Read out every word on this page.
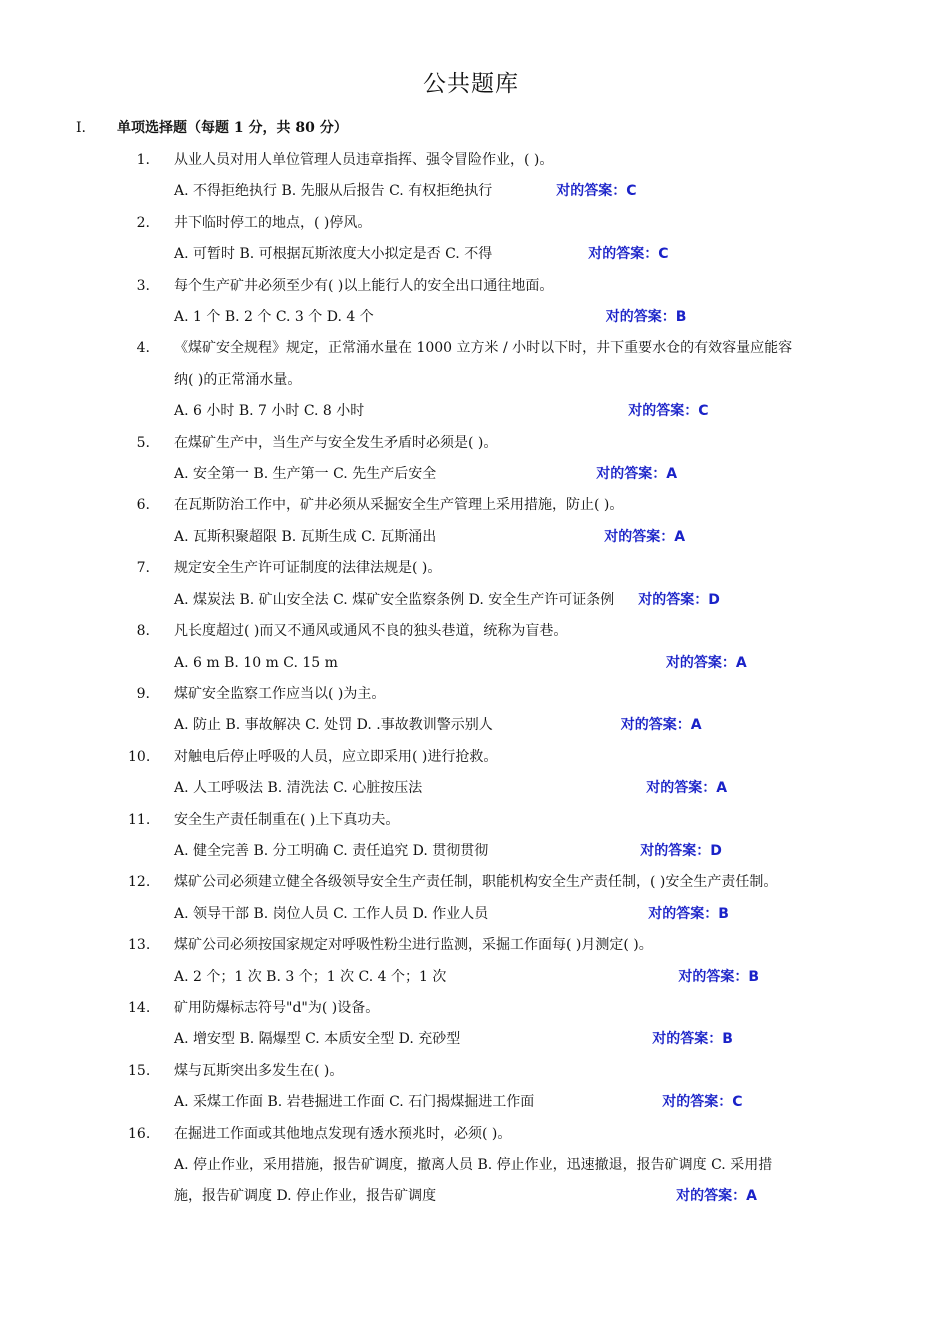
公共题库
I. 单项选择题（每题 1 分，共 80 分）
1. 从业人员对用人单位管理人员违章指挥、强令冒险作业，( )。
A. 不得拒绝执行 B. 先服从后报告 C. 有权拒绝执行	对的答案：C
2. 井下临时停工的地点，( )停风。
A. 可暂时 B. 可根据瓦斯浓度大小拟定是否 C. 不得	对的答案：C
3. 每个生产矿井必须至少有( )以上能行人的安全出口通往地面。
A. 1 个 B. 2 个 C. 3 个 D. 4 个	对的答案：B
4. 《煤矿安全规程》规定，正常涌水量在 1000 立方米 / 小时以下时，井下重要水仓的有效容量应能容
纳( )的正常涌水量。
A. 6 小时 B. 7 小时 C. 8 小时	对的答案：C
5. 在煤矿生产中，当生产与安全发生矛盾时必须是( )。
A. 安全第一 B. 生产第一 C. 先生产后安全	对的答案：A
6. 在瓦斯防治工作中，矿井必须从采掘安全生产管理上采用措施，防止( )。
A. 瓦斯积聚超限 B. 瓦斯生成 C. 瓦斯涌出	对的答案：A
7. 规定安全生产许可证制度的法律法规是( )。
A. 煤炭法 B. 矿山安全法 C. 煤矿安全监察条例 D. 安全生产许可证条例 对的答案：D
8. 凡长度超过( )而又不通风或通风不良的独头巷道，统称为盲巷。
A. 6 m B. 10 m C. 15 m	对的答案：A
9. 煤矿安全监察工作应当以( )为主。
A. 防止 B. 事故解决 C. 处罚 D. .事故教训警示别人	对的答案：A
10. 对触电后停止呼吸的人员，应立即采用( )进行抢救。
A. 人工呼吸法 B. 清洗法 C. 心脏按压法	对的答案：A
11. 安全生产责任制重在( )上下真功夫。
A. 健全完善 B. 分工明确 C. 责任追究 D. 贯彻贯彻	对的答案：D
12. 煤矿公司必须建立健全各级领导安全生产责任制，职能机构安全生产责任制，( )安全生产责任制。
A. 领导干部 B. 岗位人员 C. 工作人员 D. 作业人员	对的答案：B
13. 煤矿公司必须按国家规定对呼吸性粉尘进行监测，采掘工作面每( )月测定( )。
A. 2 个；1 次 B. 3 个；1 次 C. 4 个；1 次	对的答案：B
14. 矿用防爆标志符号"d"为( )设备。
A. 增安型 B. 隔爆型 C. 本质安全型 D. 充砂型	对的答案：B
15. 煤与瓦斯突出多发生在( )。
A. 采煤工作面 B. 岩巷掘进工作面 C. 石门揭煤掘进工作面	对的答案：C
16. 在掘进工作面或其他地点发现有透水预兆时，必须( )。
A. 停止作业，采用措施，报告矿调度，撤离人员 B. 停止作业，迅速撤退，报告矿调度 C. 采用措
施，报告矿调度 D. 停止作业，报告矿调度	对的答案：A
